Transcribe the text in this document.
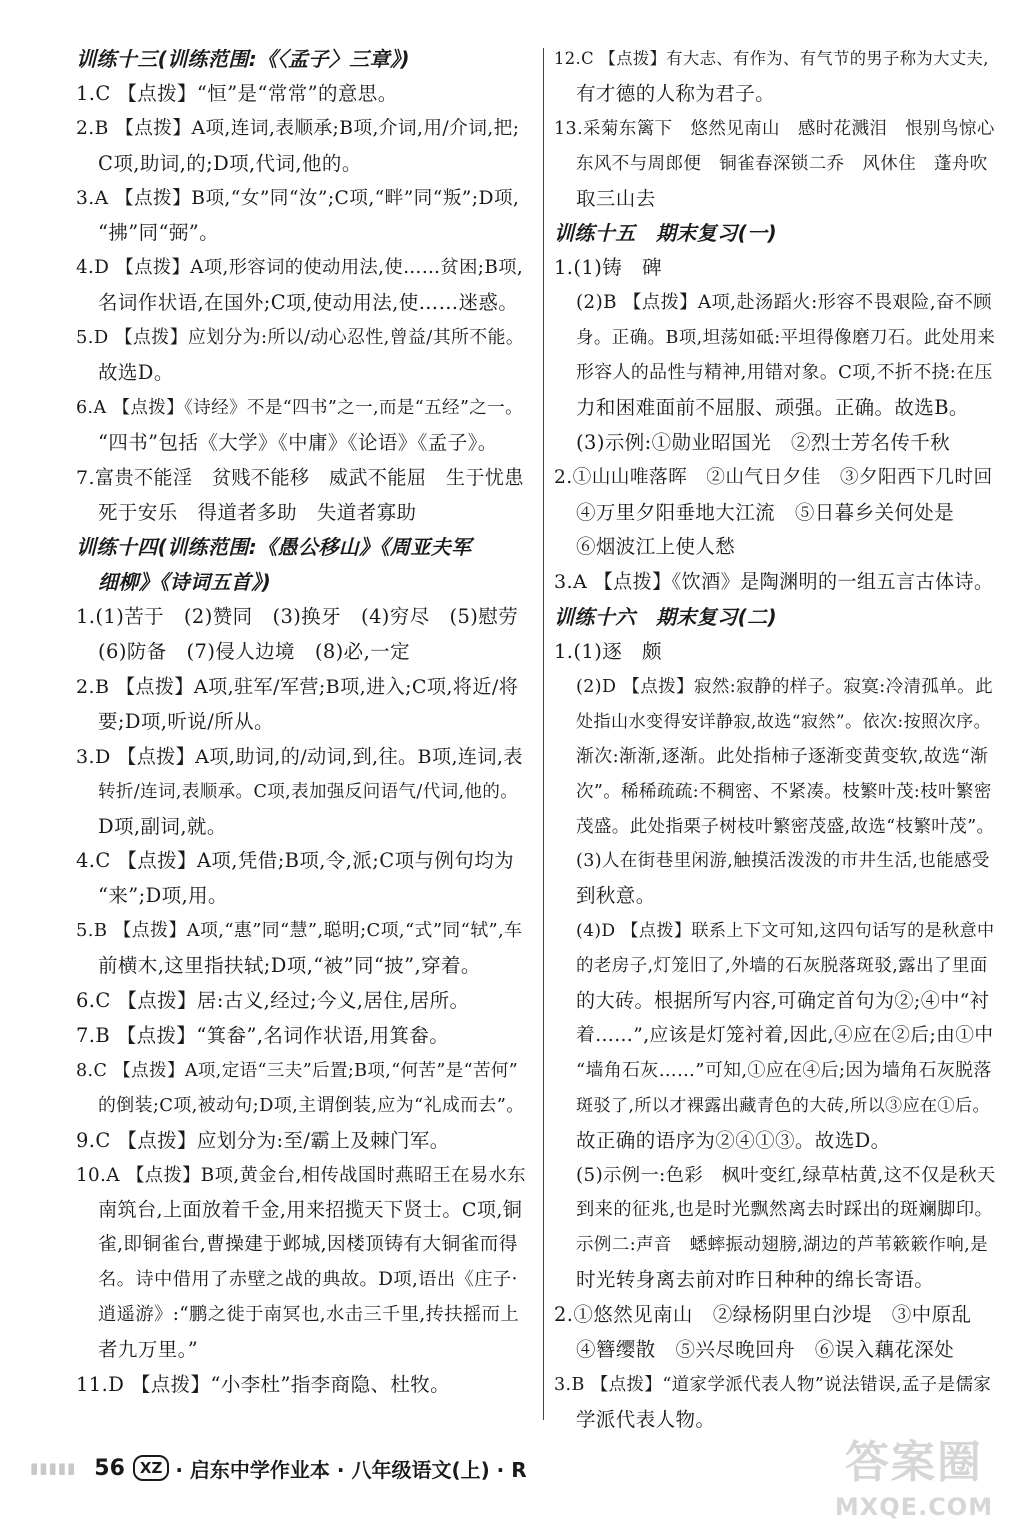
训练十三(训练范围:《〈孟子〉三章》)
1.C 【点拨】“恒”是“常常”的意思。
2.B 【点拨】A项,连词,表顺承;B项,介词,用/介词,把;
C项,助词,的;D项,代词,他的。
3.A 【点拨】B项,“女”同“汝”;C项,“畔”同“叛”;D项,
“拂”同“弼”。
4.D 【点拨】A项,形容词的使动用法,使……贫困;B项,
名词作状语,在国外;C项,使动用法,使……迷惑。
5.D 【点拨】应划分为:所以/动心忍性,曾益/其所不能。
故选D。
6.A 【点拨】《诗经》不是“四书”之一,而是“五经”之一。
“四书”包括《大学》《中庸》《论语》《孟子》。
7.富贵不能淫　贫贱不能移　威武不能屈　生于忧患
死于安乐　得道者多助　失道者寡助
训练十四(训练范围:《愚公移山》《周亚夫军
细柳》《诗词五首》)
1.(1)苦于　(2)赞同　(3)换牙　(4)穷尽　(5)慰劳
(6)防备　(7)侵人边境　(8)必,一定
2.B 【点拨】A项,驻军/军营;B项,进入;C项,将近/将
要;D项,听说/所从。
3.D 【点拨】A项,助词,的/动词,到,往。B项,连词,表
转折/连词,表顺承。C项,表加强反问语气/代词,他的。
D项,副词,就。
4.C 【点拨】A项,凭借;B项,令,派;C项与例句均为
“来”;D项,用。
5.B 【点拨】A项,“惠”同“慧”,聪明;C项,“式”同“轼”,车
前横木,这里指扶轼;D项,“被”同“披”,穿着。
6.C 【点拨】居:古义,经过;今义,居住,居所。
7.B 【点拨】“箕畚”,名词作状语,用箕畚。
8.C 【点拨】A项,定语“三夫”后置;B项,“何苦”是“苦何”
的倒装;C项,被动句;D项,主谓倒装,应为“礼成而去”。
9.C 【点拨】应划分为:至/霸上及棘门军。
10.A 【点拨】B项,黄金台,相传战国时燕昭王在易水东
南筑台,上面放着千金,用来招揽天下贤士。C项,铜
雀,即铜雀台,曹操建于邺城,因楼顶铸有大铜雀而得
名。诗中借用了赤壁之战的典故。D项,语出《庄子·
逍遥游》:“鹏之徙于南冥也,水击三千里,抟扶摇而上
者九万里。”
11.D 【点拨】“小李杜”指李商隐、杜牧。
12.C 【点拨】有大志、有作为、有气节的男子称为大丈夫,
有才德的人称为君子。
13.采菊东篱下　悠然见南山　感时花溅泪　恨别鸟惊心
东风不与周郎便　铜雀春深锁二乔　风休住　蓬舟吹
取三山去
训练十五　期末复习(一)
1.(1)铸　碑
(2)B 【点拨】A项,赴汤蹈火:形容不畏艰险,奋不顾
身。正确。B项,坦荡如砥:平坦得像磨刀石。此处用来
形容人的品性与精神,用错对象。C项,不折不挠:在压
力和困难面前不屈服、顽强。正确。故选B。
(3)示例:①勋业昭国光　②烈士芳名传千秋
2.①山山唯落晖　②山气日夕佳　③夕阳西下几时回
④万里夕阳垂地大江流　⑤日暮乡关何处是
⑥烟波江上使人愁
3.A 【点拨】《饮酒》是陶渊明的一组五言古体诗。
训练十六　期末复习(二)
1.(1)逐　颇
(2)D 【点拨】寂然:寂静的样子。寂寞:冷清孤单。此
处指山水变得安详静寂,故选“寂然”。依次:按照次序。
渐次:渐渐,逐渐。此处指柿子逐渐变黄变软,故选“渐
次”。稀稀疏疏:不稠密、不紧凑。枝繁叶茂:枝叶繁密
茂盛。此处指栗子树枝叶繁密茂盛,故选“枝繁叶茂”。
(3)人在街巷里闲游,触摸活泼泼的市井生活,也能感受
到秋意。
(4)D 【点拨】联系上下文可知,这四句话写的是秋意中
的老房子,灯笼旧了,外墙的石灰脱落斑驳,露出了里面
的大砖。根据所写内容,可确定首句为②;④中“衬
着……”,应该是灯笼衬着,因此,④应在②后;由①中
“墙角石灰……”可知,①应在④后;因为墙角石灰脱落
斑驳了,所以才裸露出藏青色的大砖,所以③应在①后。
故正确的语序为②④①③。故选D。
(5)示例一:色彩　枫叶变红,绿草枯黄,这不仅是秋天
到来的征兆,也是时光飘然离去时踩出的斑斓脚印。
示例二:声音　蟋蟀振动翅膀,湖边的芦苇簌簌作响,是
时光转身离去前对昨日种种的绵长寄语。
2.①悠然见南山　②绿杨阴里白沙堤　③中原乱
④簪缨散　⑤兴尽晚回舟　⑥误入藕花深处
3.B 【点拨】“道家学派代表人物”说法错误,孟子是儒家
学派代表人物。
▮▮▮▮▮ 56	XZ · 启东中学作业本 · 八年级语文(上) · R	答案圈
MXQE.COM
